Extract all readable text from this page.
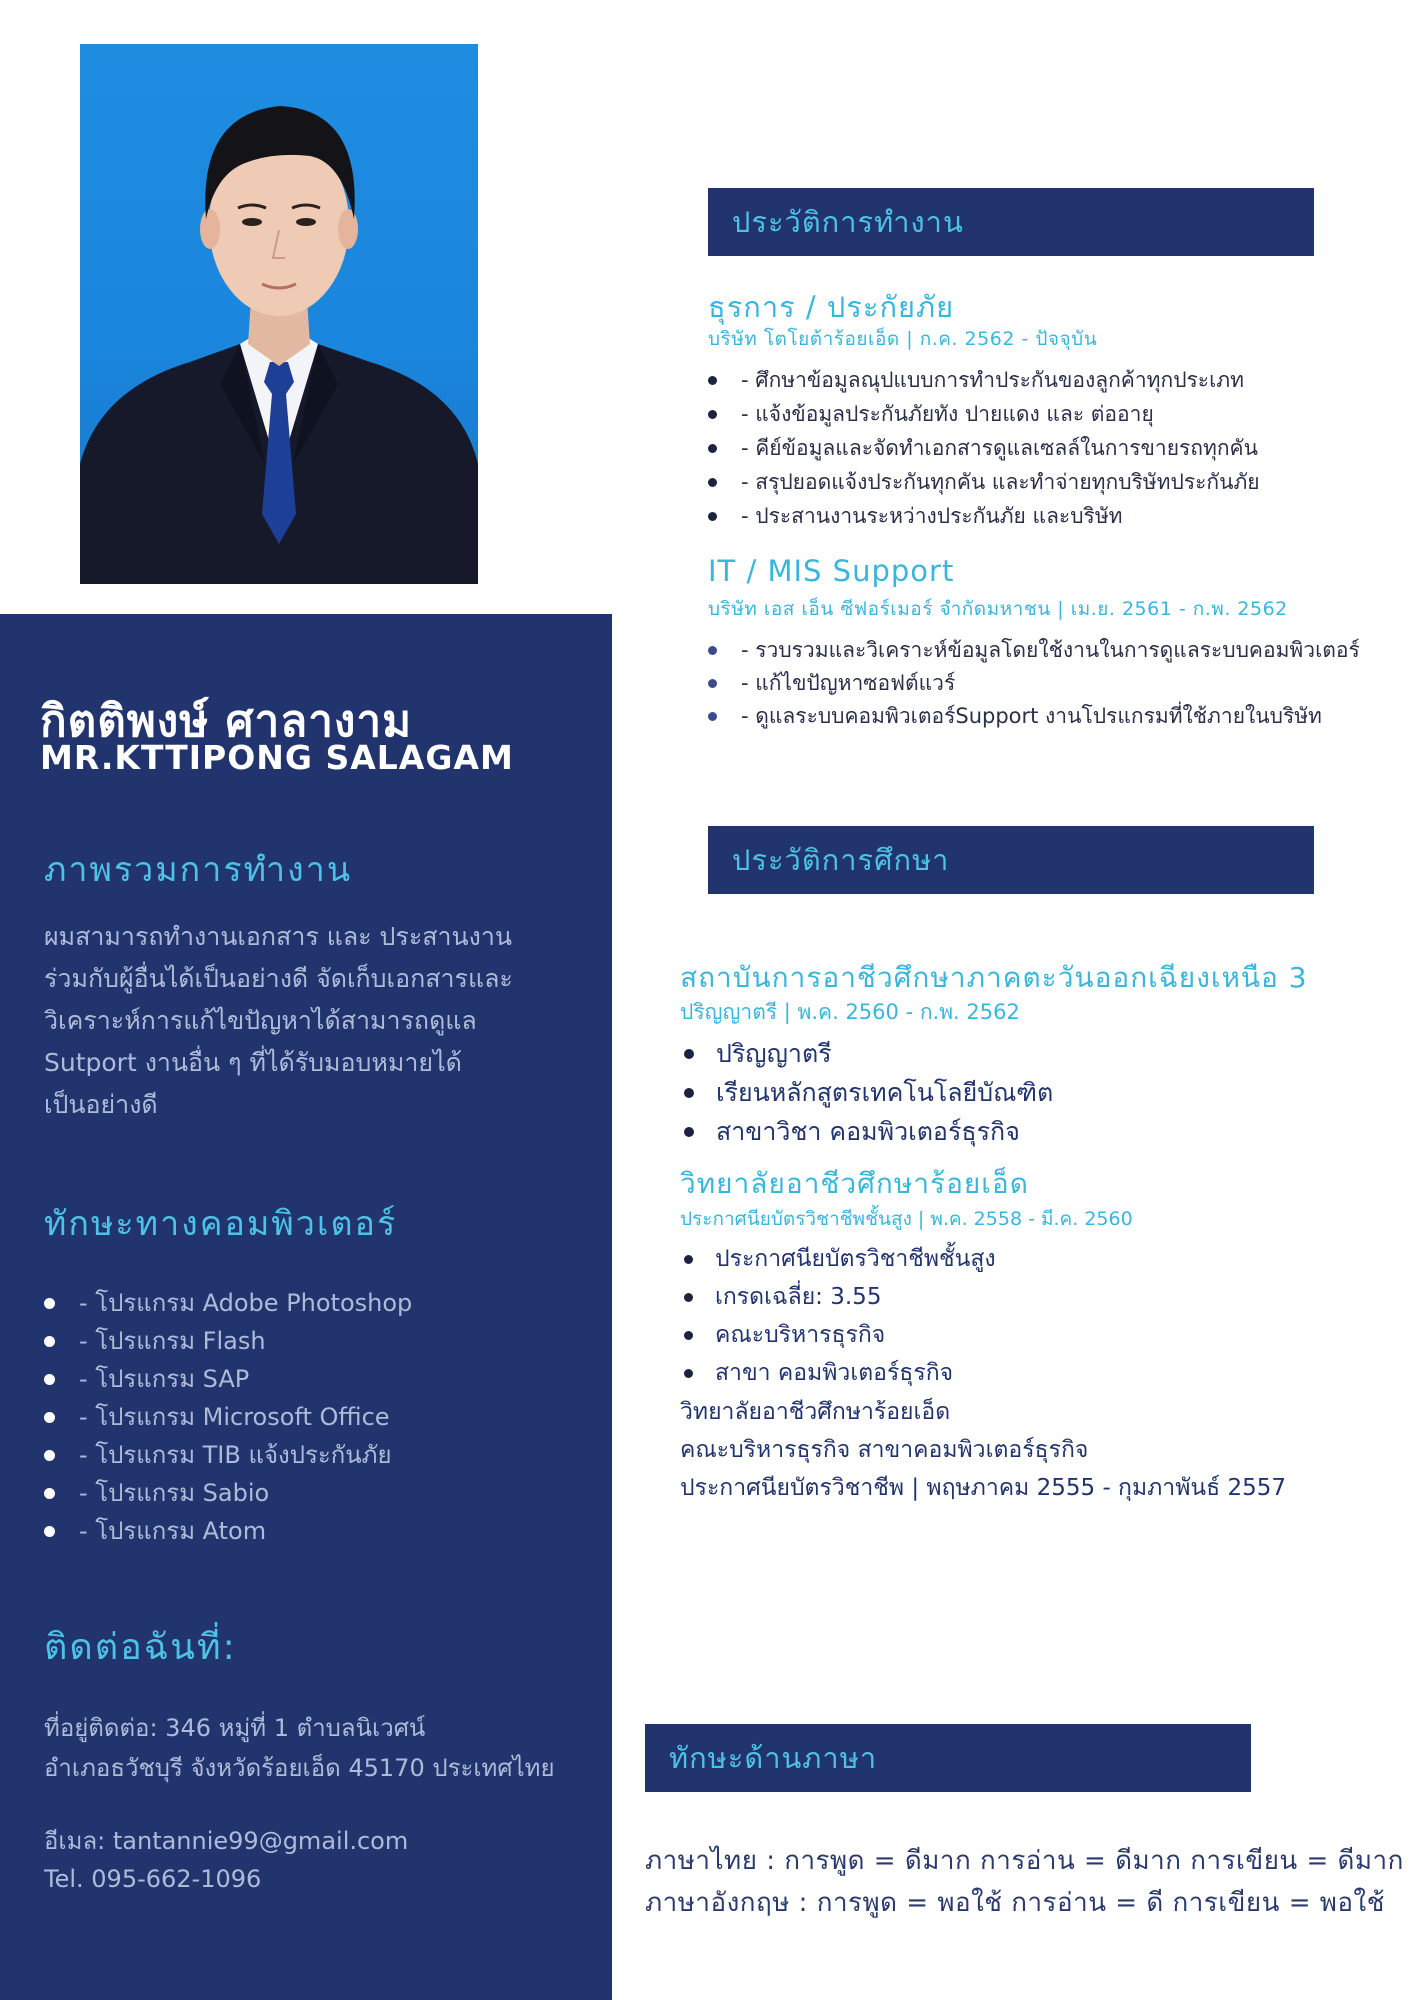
กิตติพงษ์ ศาลางาม
MR.KTTIPONG SALAGAM
ภาพรวมการทำงาน
ผมสามารถทำงานเอกสาร และ ประสานงาน
ร่วมกับผู้อื่นได้เป็นอย่างดี จัดเก็บเอกสารและ
วิเคราะห์การแก้ไขปัญหาได้สามารถดูแล
Sutport งานอื่น ๆ ที่ได้รับมอบหมายได้
เป็นอย่างดี
ทักษะทางคอมพิวเตอร์
- โปรแกรม Adobe Photoshop
- โปรแกรม Flash
- โปรแกรม SAP
- โปรแกรม Microsoft Office
- โปรแกรม TIB แจ้งประกันภัย
- โปรแกรม Sabio
- โปรแกรม Atom
ติดต่อฉันที่:
ที่อยู่ติดต่อ: 346 หมู่ที่ 1 ตำบลนิเวศน์
อำเภอธวัชบุรี จังหวัดร้อยเอ็ด 45170 ประเทศไทย
อีเมล: tantannie99@gmail.com
Tel. 095-662-1096
ประวัติการทำงาน
ธุรการ / ประกัยภัย
บริษัท โตโยต้าร้อยเอ็ด | ก.ค. 2562 - ปัจจุบัน
- ศึกษาข้อมูลณุปแบบการทำประกันของลูกค้าทุกประเภท
- แจ้งข้อมูลประกันภัยทัง ปายแดง และ ต่ออายุ
- คีย์ข้อมูลและจัดทำเอกสารดูแลเซลล์ในการขายรถทุกคัน
- สรุปยอดแจ้งประกันทุกคัน และทำจ่ายทุกบริษัทประกันภัย
- ประสานงานระหว่างประกันภัย และบริษัท
IT / MIS Support
บริษัท เอส เอ็น ซีฟอร์เมอร์ จำกัดมหาชน | เม.ย. 2561 - ก.พ. 2562
- รวบรวมและวิเคราะห์ข้อมูลโดยใช้งานในการดูแลระบบคอมพิวเตอร์
- แก้ไขปัญหาซอฟต์แวร์
- ดูแลระบบคอมพิวเตอร์Support งานโปรแกรมที่ใช้ภายในบริษัท
ประวัติการศึกษา
สถาบันการอาชีวศึกษาภาคตะวันออกเฉียงเหนือ 3
ปริญญาตรี | พ.ค. 2560 - ก.พ. 2562
ปริญญาตรี
เรียนหลักสูตรเทคโนโลยีบัณฑิต
สาขาวิชา คอมพิวเตอร์ธุรกิจ
วิทยาลัยอาชีวศึกษาร้อยเอ็ด
ประกาศนียบัตรวิชาชีพชั้นสูง | พ.ค. 2558 - มี.ค. 2560
ประกาศนียบัตรวิชาชีพชั้นสูง
เกรดเฉลี่ย: 3.55
คณะบริหารธุรกิจ
สาขา คอมพิวเตอร์ธุรกิจ
วิทยาลัยอาชีวศึกษาร้อยเอ็ด
คณะบริหารธุรกิจ สาขาคอมพิวเตอร์ธุรกิจ
ประกาศนียบัตรวิชาชีพ | พฤษภาคม 2555 - กุมภาพันธ์ 2557
ทักษะด้านภาษา
ภาษาไทย : การพูด = ดีมาก การอ่าน = ดีมาก การเขียน = ดีมาก
ภาษาอังกฤษ : การพูด = พอใช้ การอ่าน = ดี การเขียน = พอใช้
